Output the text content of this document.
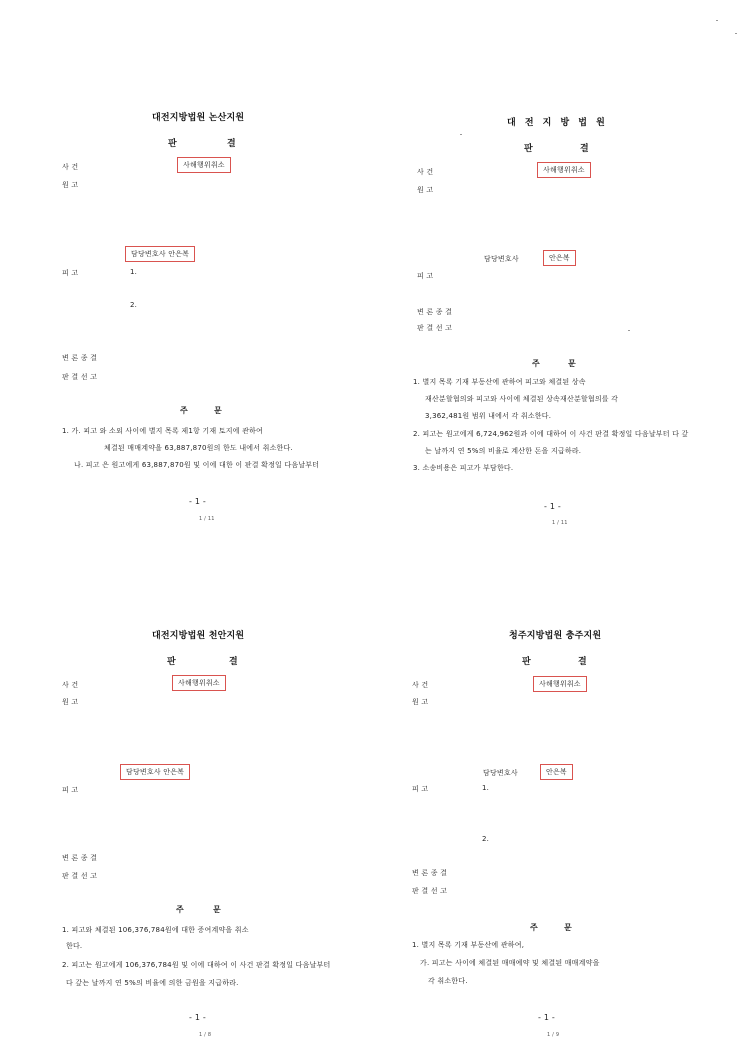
대전지방법원 논산지원
판	결
사 건	사해행위취소
원 고
담당변호사 안은복
피 고	1.
2.
변 론 종 결
판 결 선 고
주	문
1. 가. 피고 와 소외 사이에 별지 목록 제1항 기재 토지에 관하여
체결된 매매계약을 63,887,870원의 한도 내에서 취소한다.
나. 피고 은 원고에게 63,887,870원 및 이에 대한 이 판결 확정일 다음날부터
- 1 -
1 / 11
대 전 지 방 법 원
판	결
사 건	사해행위취소
원 고
담당변호사	안은복
피 고
변 론 종 결
판 결 선 고
주	문
1. 별지 목록 기재 부동산에 관하여 피고와 체결된 상속
재산분할협의와 피고와 사이에 체결된 상속재산분할협의를 각
3,362,481원 범위 내에서 각 취소한다.
2. 피고는 원고에게 6,724,962원과 이에 대하여 이 사건 판결 확정일 다음날부터 다 갚
는 날까지 연 5%의 비율로 계산한 돈을 지급하라.
3. 소송비용은 피고가 부담한다.
- 1 -
1 / 11
대전지방법원 천안지원
판	결
사 건	사해행위취소
원 고
담당변호사 안은복
피 고
변 론 종 결
판 결 선 고
주	문
1. 피고와 체결된 106,376,784원에 대한 증여계약을 취소
한다.
2. 피고는 원고에게 106,376,784원 및 이에 대하여 이 사건 판결 확정일 다음날부터
다 갚는 날까지 연 5%의 비율에 의한 금원을 지급하라.
- 1 -
1 / 8
청주지방법원 충주지원
판	결
사 건	사해행위취소
원 고
담당변호사	안은복
피 고	1.
2.
변 론 종 결
판 결 선 고
주	문
1. 별지 목록 기재 부동산에 관하여,
가. 피고는 사이에 체결된 매매예약 및 체결된 매매계약을
각 취소한다.
- 1 -
1 / 9
